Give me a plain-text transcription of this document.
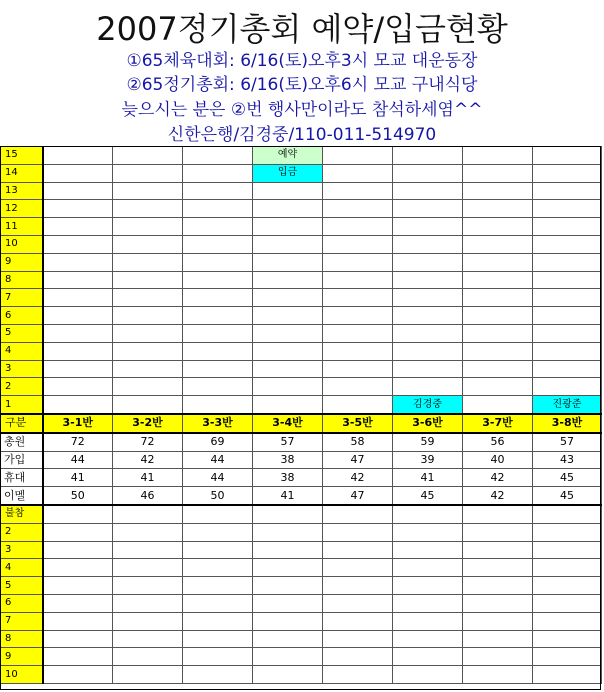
2007정기총회 예약/입금현황
①65체육대회: 6/16(토)오후3시 모교 대운동장
②65정기총회: 6/16(토)오후6시 모교 구내식당
늦으시는 분은 ②번 행사만이라도 참석하세염^^
신한은행/김경중/110-011-514970
15				예약				
14				입금				
13								
12								
11								
10								
9								
8								
7								
6								
5								
4								
3								
2								
1						김경중		진광준
구분	3-1반	3-2반	3-3반	3-4반	3-5반	3-6반	3-7반	3-8반
총원	72	72	69	57	58	59	56	57
가입	44	42	44	38	47	39	40	43
휴대	41	41	44	38	42	41	42	45
이멜	50	46	50	41	47	45	42	45
불참								
2								
3								
4								
5								
6								
7								
8								
9								
10								
